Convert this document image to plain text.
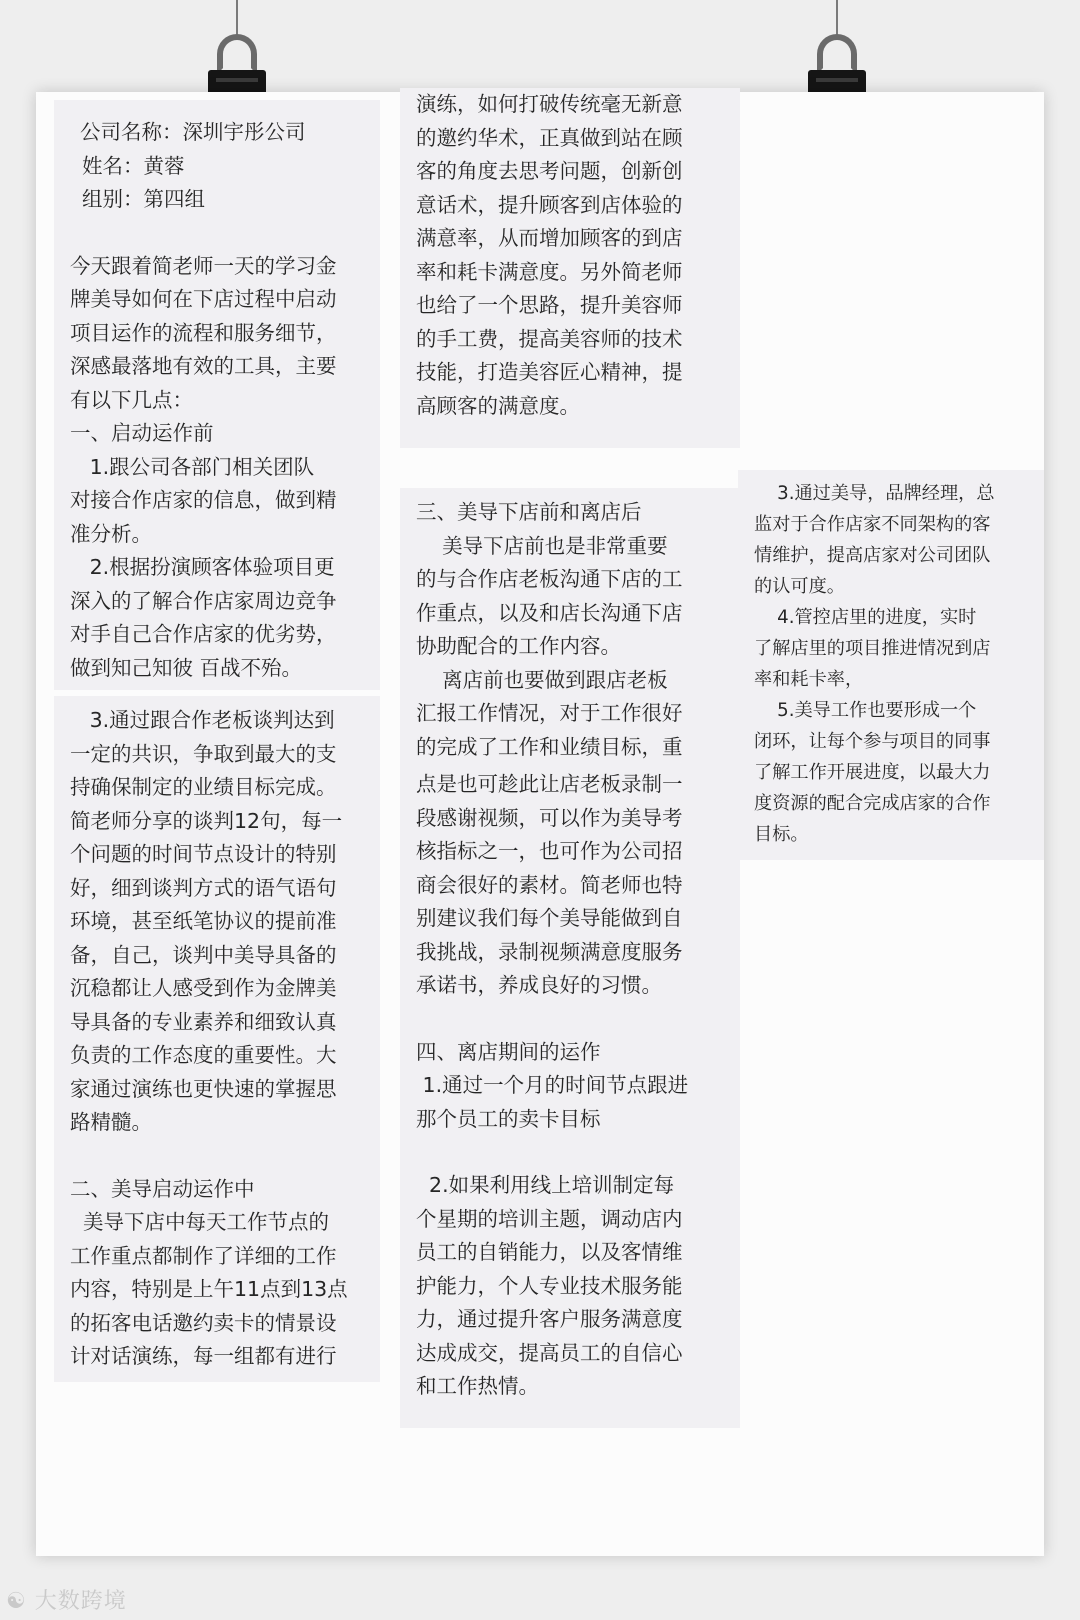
公司名称：深圳宇彤公司

姓名：黄蓉

组别：第四组

今天跟着简老师一天的学习金

牌美导如何在下店过程中启动

项目运作的流程和服务细节，

深感最落地有效的工具，主要

有以下几点：

一、启动运作前

1.跟公司各部门相关团队

对接合作店家的信息，做到精

准分析。

2.根据扮演顾客体验项目更

深入的了解合作店家周边竞争

对手自己合作店家的优劣势，

做到知己知彼 百战不殆。

3.通过跟合作老板谈判达到

一定的共识，争取到最大的支

持确保制定的业绩目标完成。

简老师分享的谈判12句，每一

个问题的时间节点设计的特别

好，细到谈判方式的语气语句

环境，甚至纸笔协议的提前准

备，自己，谈判中美导具备的

沉稳都让人感受到作为金牌美

导具备的专业素养和细致认真

负责的工作态度的重要性。大

家通过演练也更快速的掌握思

路精髓。

二、美导启动运作中

美导下店中每天工作节点的

工作重点都制作了详细的工作

内容，特别是上午11点到13点

的拓客电话邀约卖卡的情景设

计对话演练，每一组都有进行

演练，如何打破传统毫无新意

的邀约华术，正真做到站在顾

客的角度去思考问题，创新创

意话术，提升顾客到店体验的

满意率，从而增加顾客的到店

率和耗卡满意度。另外简老师

也给了一个思路，提升美容师

的手工费，提高美容师的技术

技能，打造美容匠心精神，提

高顾客的满意度。

三、美导下店前和离店后

美导下店前也是非常重要

的与合作店老板沟通下店的工

作重点，以及和店长沟通下店

协助配合的工作内容。

离店前也要做到跟店老板

汇报工作情况，对于工作很好

的完成了工作和业绩目标，重

点是也可趁此让店老板录制一

段感谢视频，可以作为美导考

核指标之一，也可作为公司招

商会很好的素材。简老师也特

别建议我们每个美导能做到自

我挑战，录制视频满意度服务

承诺书，养成良好的习惯。

四、离店期间的运作

1.通过一个月的时间节点跟进

那个员工的卖卡目标

2.如果利用线上培训制定每

个星期的培训主题，调动店内

员工的自销能力，以及客情维

护能力，个人专业技术服务能

力，通过提升客户服务满意度

达成成交，提高员工的自信心

和工作热情。

3.通过美导，品牌经理，总

监对于合作店家不同架构的客

情维护，提高店家对公司团队

的认可度。

4.管控店里的进度，实时

了解店里的项目推进情况到店

率和耗卡率，

5.美导工作也要形成一个

闭环，让每个参与项目的同事

了解工作开展进度，以最大力

度资源的配合完成店家的合作

目标。

☯ 大数跨境
